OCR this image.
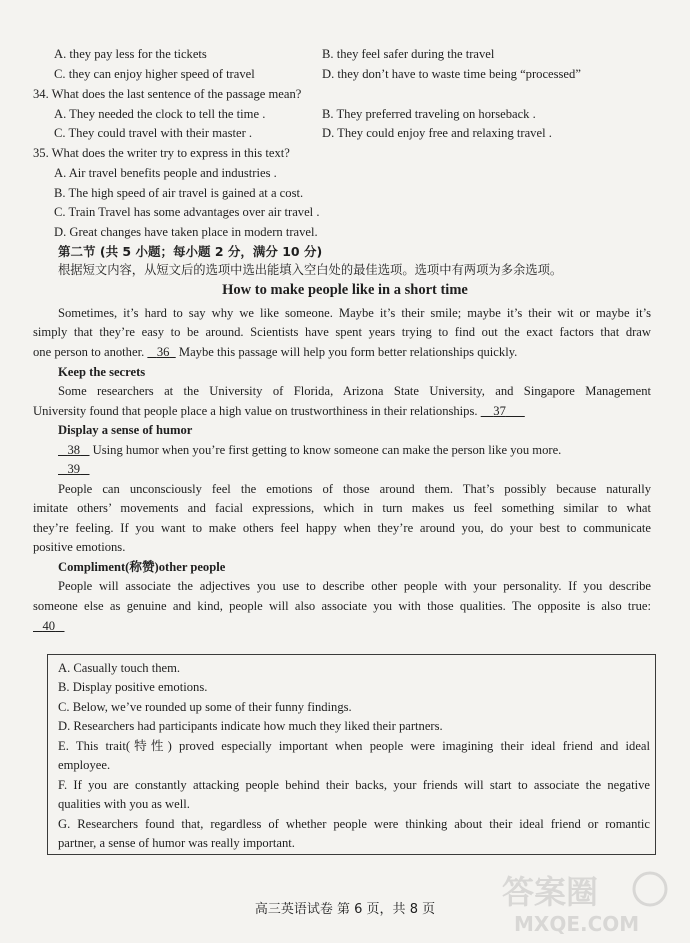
A. they pay less for the tickets	B. they feel safer during the travel
C. they can enjoy higher speed of travel	D. they don’t have to waste time being “processed”
34. What does the last sentence of the passage mean?
A. They needed the clock to tell the time .	B. They preferred traveling on horseback .
C. They could travel with their master .	D. They could enjoy free and relaxing travel .
35. What does the writer try to express in this text?
A. Air travel benefits people and industries .
B. The high speed of air travel is gained at a cost.
C. Train Travel has some advantages over air travel .
D. Great changes have taken place in modern travel.
第二节 (共 5 小题；每小题 2 分，满分 10 分)
根据短文内容，从短文后的选项中选出能填入空白处的最佳选项。选项中有两项为多余选项。
How to make people like in a short time
Sometimes, it’s hard to say why we like someone. Maybe it’s their smile; maybe it’s their wit or maybe it’s
simply that they’re easy to be around. Scientists have spent years trying to find out the exact factors that draw
one person to another. 36 Maybe this passage will help you form better relationships quickly.
Keep the secrets
Some researchers at the University of Florida, Arizona State University, and Singapore Management
University found that people place a high value on trustworthiness in their relationships. 37
Display a sense of humor
38 Using humor when you’re first getting to know someone can make the person like you more.
39
People can unconsciously feel the emotions of those around them. That’s possibly because naturally
imitate others’ movements and facial expressions, which in turn makes us feel something similar to what
they’re feeling. If you want to make others feel happy when they’re around you, do your best to communicate
positive emotions.
Compliment(称赞)other people
People will associate the adjectives you use to describe other people with your personality. If you describe
someone else as genuine and kind, people will also associate you with those qualities. The opposite is also true:
40
A. Casually touch them.
B. Display positive emotions.
C. Below, we’ve rounded up some of their funny findings.
D. Researchers had participants indicate how much they liked their partners.
E. This trait(特性) proved especially important when people were imagining their ideal friend and ideal
employee.
F. If you are constantly attacking people behind their backs, your friends will start to associate the negative
qualities with you as well.
G. Researchers found that, regardless of whether people were thinking about their ideal friend or romantic
partner, a sense of humor was really important.
高三英语试卷 第 6 页，共 8 页	答案圈
MXQE.COM
